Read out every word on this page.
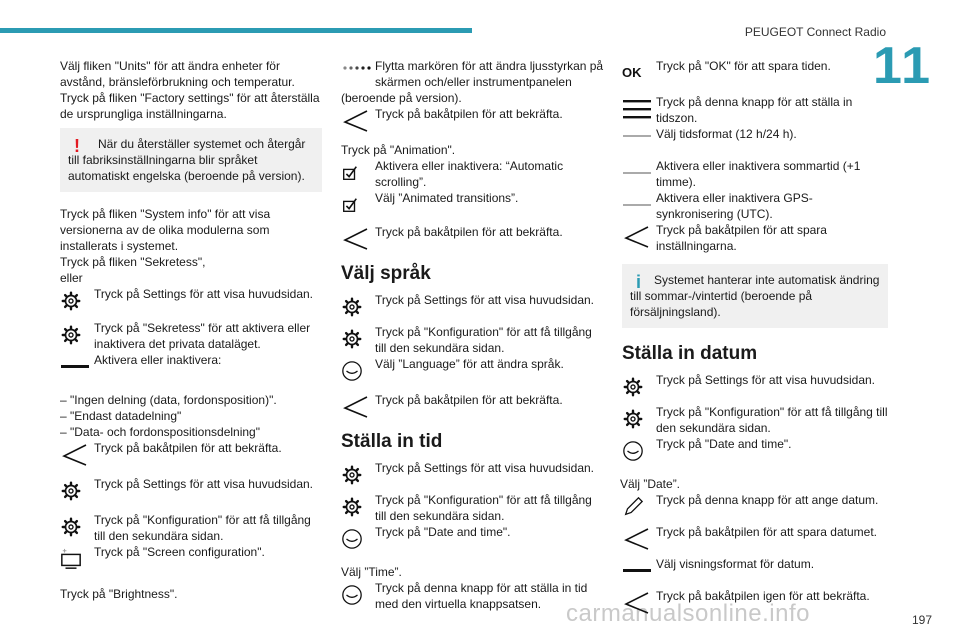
PEUGEOT Connect Radio
11
197
carmanualsonline.info

Välj fliken "Units" för att ändra enheter för avstånd, bränsleförbrukning och temperatur.

Tryck på fliken "Factory settings" för att återställa de ursprungliga inställningarna.

!	När du återställer systemet och återgår till fabriksinställningarna blir språket automatiskt engelska (beroende på version).

Tryck på fliken "System info" för att visa versionerna av de olika modulerna som installerats i systemet.

Tryck på fliken "Sekretess",

eller

Tryck på Settings för att visa huvudsidan.
Tryck på "Sekretess" för att aktivera eller inaktivera det privata dataläget.
Aktivera eller inaktivera:

– "Ingen delning (data, fordonsposition)".

– "Endast datadelning"

– "Data- och fordonspositionsdelning"

Tryck på bakåtpilen för att bekräfta.
Tryck på Settings för att visa huvudsidan.
Tryck på "Konfiguration" för att få tillgång till den sekundära sidan.
Tryck på "Screen configuration".

Tryck på "Brightness".

Flytta markören för att ändra ljusstyrkan på skärmen och/eller instrumentpanelen

(beroende på version).

Tryck på bakåtpilen för att bekräfta.

Tryck på "Animation".

Aktivera eller inaktivera: “Automatic scrolling”.
Välj ”Animated transitions”.
Tryck på bakåtpilen för att bekräfta.
Välj språk
Tryck på Settings för att visa huvudsidan.
Tryck på "Konfiguration" för att få tillgång till den sekundära sidan.
Välj ”Language” för att ändra språk.
Tryck på bakåtpilen för att bekräfta.
Ställa in tid
Tryck på Settings för att visa huvudsidan.
Tryck på "Konfiguration" för att få tillgång till den sekundära sidan.
Tryck på "Date and time".

Välj ”Time”.

Tryck på denna knapp för att ställa in tid med den virtuella knappsatsen.
OK Tryck på "OK" för att spara tiden.
Tryck på denna knapp för att ställa in tidszon.
Välj tidsformat (12 h/24 h).
Aktivera eller inaktivera sommartid (+1 timme).
Aktivera eller inaktivera GPS-synkronisering (UTC).
Tryck på bakåtpilen för att spara inställningarna.
i	Systemet hanterar inte automatisk ändring till sommar-/vintertid (beroende på försäljningsland).

Ställa in datum
Tryck på Settings för att visa huvudsidan.
Tryck på "Konfiguration" för att få tillgång till den sekundära sidan.
Tryck på "Date and time".

Välj ”Date”.

Tryck på denna knapp för att ange datum.
Tryck på bakåtpilen för att spara datumet.
Välj visningsformat för datum.
Tryck på bakåtpilen igen för att bekräfta.
